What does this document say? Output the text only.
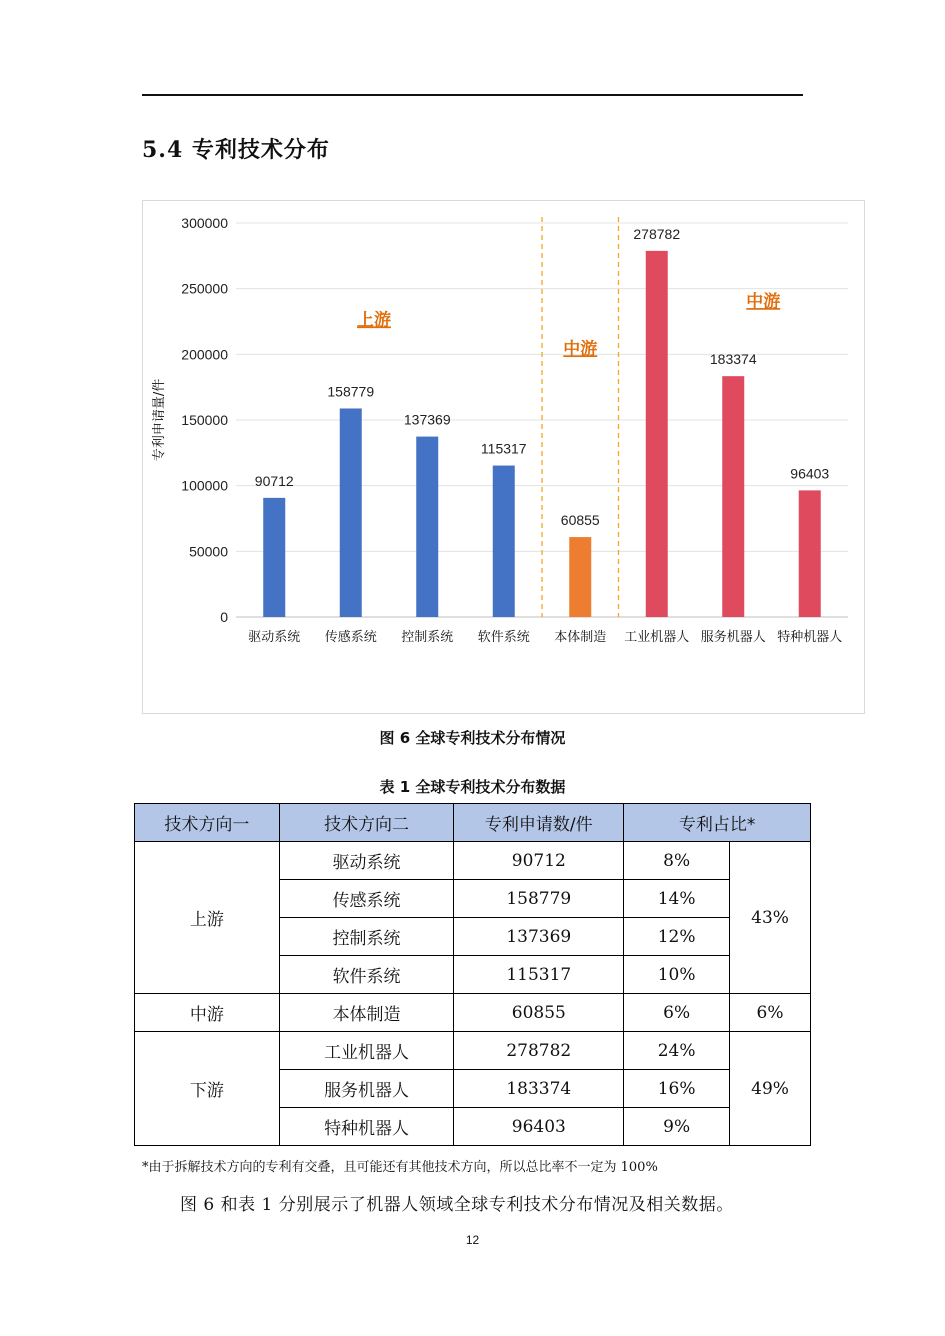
5.4 专利技术分布
0
50000
100000
150000
200000
250000
300000
专利申请量/件
90712
驱动系统
158779
传感系统
137369
控制系统
115317
软件系统
60855
本体制造
278782
工业机器人
183374
服务机器人
96403
特种机器人
上游
中游
中游
图 6 全球专利技术分布情况
表 1 全球专利技术分布数据
技术方向一	技术方向二	专利申请数/件	专利占比*	
上游	驱动系统	90712	8%	43%
	传感系统	158779	14%	
	控制系统	137369	12%	
	软件系统	115317	10%	
中游	本体制造	60855	6%	6%
下游	工业机器人	278782	24%	49%
	服务机器人	183374	16%	
	特种机器人	96403	9%	
*由于拆解技术方向的专利有交叠，且可能还有其他技术方向，所以总比率不一定为 100%
图 6 和表 1 分别展示了机器人领域全球专利技术分布情况及相关数据。
12
